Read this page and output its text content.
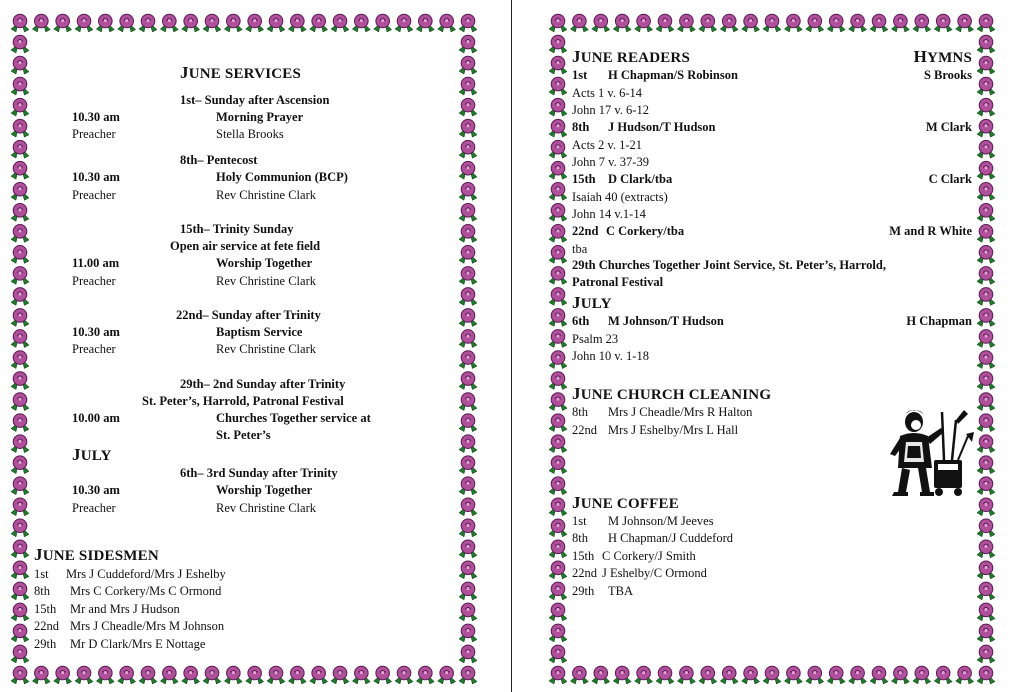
JUNE SERVICES
1st– Sunday after Ascension
10.30 am	Morning Prayer
Preacher	Stella Brooks
8th– Pentecost
10.30 am	Holy Communion (BCP)
Preacher	Rev Christine Clark
15th– Trinity Sunday
Open air service at fete field
11.00 am	Worship Together
Preacher	Rev Christine Clark
22nd– Sunday after Trinity
10.30 am	Baptism Service
Preacher	Rev Christine Clark
29th– 2nd Sunday after Trinity
St. Peter’s, Harrold, Patronal Festival
10.00 am	Churches Together service at
St. Peter’s
JULY
6th– 3rd Sunday after Trinity
10.30 am	Worship Together
Preacher	Rev Christine Clark
JUNE SIDESMEN
1st Mrs J Cuddeford/Mrs J Eshelby
8th Mrs C Corkery/Ms C Ormond
15th Mr and Mrs J Hudson
22nd Mrs J Cheadle/Mrs M Johnson
29th Mr D Clark/Mrs E Nottage
JUNE READERS	HYMNS
1st H Chapman/S Robinson	S Brooks
Acts 1 v. 6-14
John 17 v. 6-12
8th J Hudson/T Hudson	M Clark
Acts 2 v. 1-21
John 7 v. 37-39
15th D Clark/tba	C Clark
Isaiah 40 (extracts)
John 14 v.1-14
22nd C Corkery/tba	M and R White
tba
29th Churches Together Joint Service, St. Peter’s, Harrold,
Patronal Festival
JULY
6th M Johnson/T Hudson	H Chapman
Psalm 23
John 10 v. 1-18
JUNE CHURCH CLEANING
8th Mrs J Cheadle/Mrs R Halton
22nd Mrs J Eshelby/Mrs L Hall
JUNE COFFEE
1st M Johnson/M Jeeves
8th H Chapman/J Cuddeford
15th C Corkery/J Smith
22nd J Eshelby/C Ormond
29th TBA
